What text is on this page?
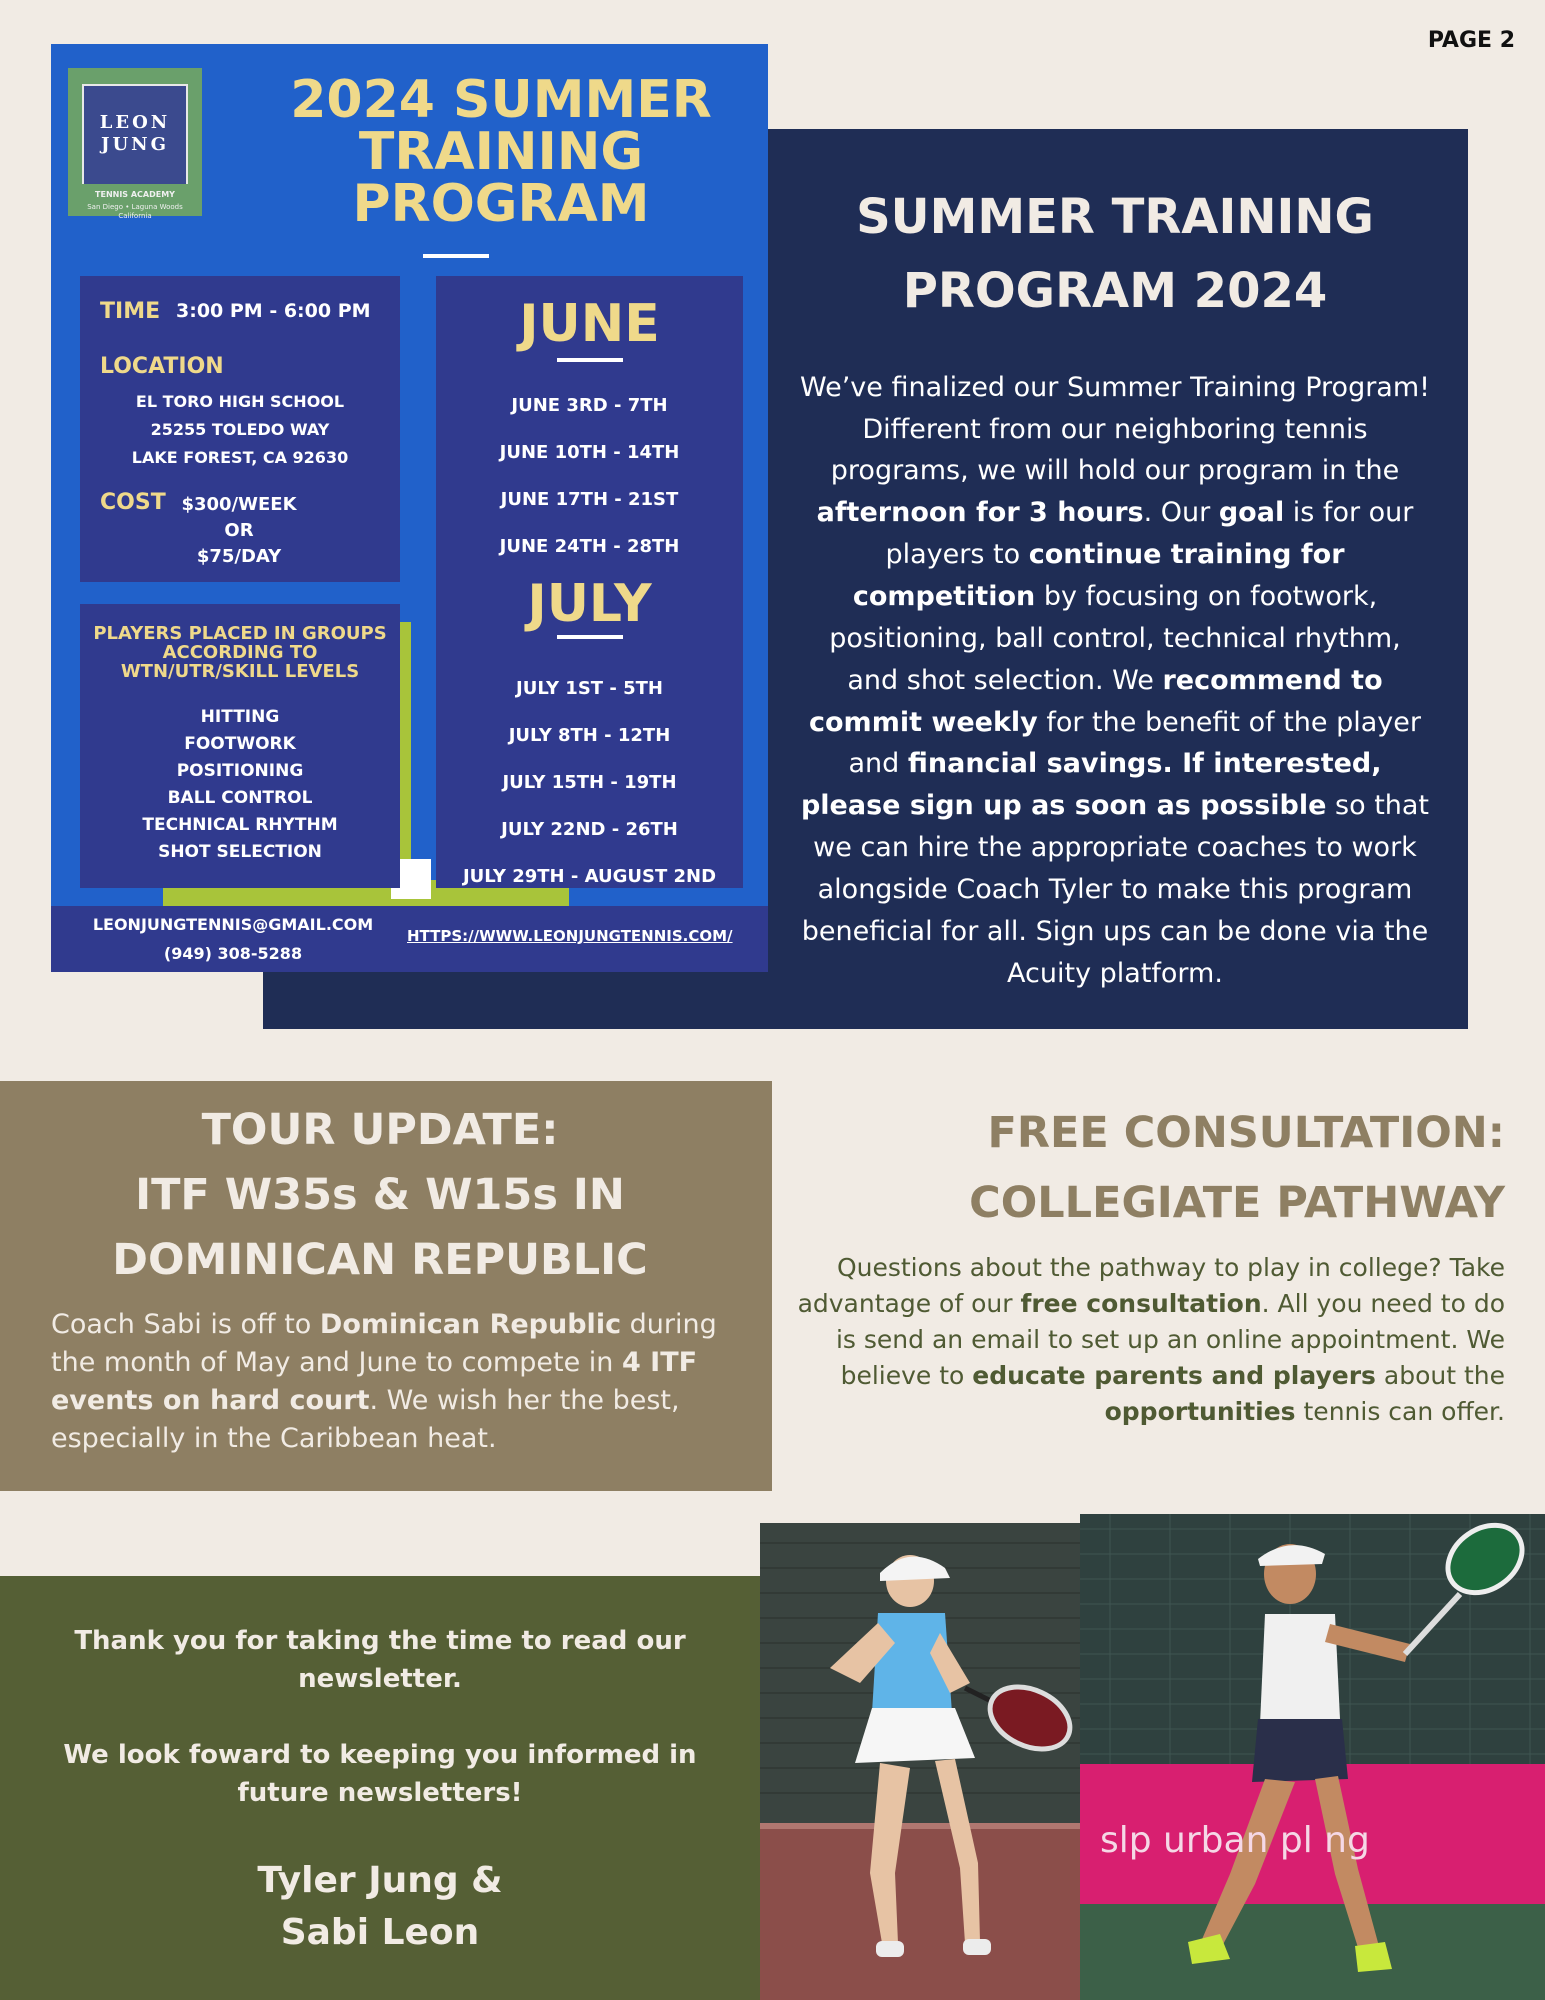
PAGE 2
SUMMER TRAINING
PROGRAM 2024
We’ve finalized our Summer Training Program! Different from our neighboring tennis programs, we will hold our program in the afternoon for 3 hours. Our goal is for our players to continue training for competition by focusing on footwork, positioning, ball control, technical rhythm, and shot selection. We recommend to commit weekly for the benefit of the player and financial savings. If interested, please sign up as soon as possible so that we can hire the appropriate coaches to work alongside Coach Tyler to make this program beneficial for all. Sign ups can be done via the Acuity platform.
LEON
JUNG
TENNIS ACADEMY
San Diego • Laguna Woods California
2024 SUMMER
TRAINING
PROGRAM
TIME 3:00 PM - 6:00 PM
LOCATION
EL TORO HIGH SCHOOL
25255 TOLEDO WAY
LAKE FOREST, CA 92630
COST $300/WEEK
OR
$75/DAY
PLAYERS PLACED IN GROUPS ACCORDING TO WTN/UTR/SKILL LEVELS
HITTING
FOOTWORK
POSITIONING
BALL CONTROL
TECHNICAL RHYTHM
SHOT SELECTION
JUNE
JUNE 3RD - 7TH
JUNE 10TH - 14TH
JUNE 17TH - 21ST
JUNE 24TH - 28TH
JULY
JULY 1ST - 5TH
JULY 8TH - 12TH
JULY 15TH - 19TH
JULY 22ND - 26TH
JULY 29TH - AUGUST 2ND
LEONJUNGTENNIS@GMAIL.COM
(949) 308-5288
HTTPS://WWW.LEONJUNGTENNIS.COM/
TOUR UPDATE:
ITF W35s & W15s IN
DOMINICAN REPUBLIC
Coach Sabi is off to Dominican Republic during the month of May and June to compete in 4 ITF events on hard court. We wish her the best, especially in the Caribbean heat.
FREE CONSULTATION:
COLLEGIATE PATHWAY
Questions about the pathway to play in college? Take advantage of our free consultation. All you need to do is send an email to set up an online appointment. We believe to educate parents and players about the opportunities tennis can offer.
Thank you for taking the time to read our newsletter.
We look foward to keeping you informed in future newsletters!
Tyler Jung &
Sabi Leon
slp urban pl ng
